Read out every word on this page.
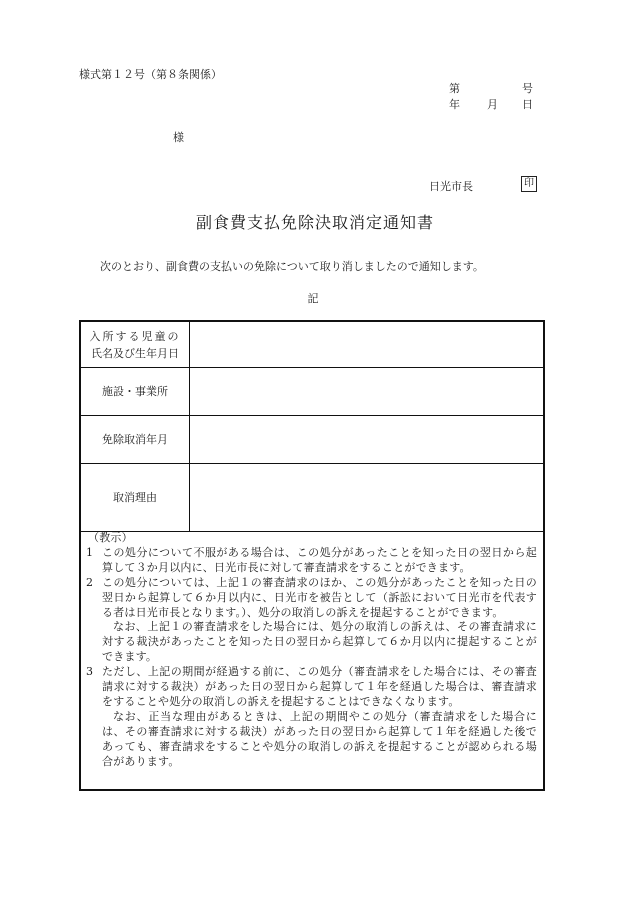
様式第１２号（第８条関係）
第	号
年	月	日
様
日光市長	印
副食費支払免除決取消定通知書
次のとおり、副食費の支払いの免除について取り消しましたので通知します。
記
入所する児童の
氏名及び生年月日
施設・事業所
免除取消年月
取消理由
（教示）
1 この処分について不服がある場合は、この処分があったことを知った日の翌日から起算して３か月以内に、日光市長に対して審査請求をすることができます。
2 この処分については、上記１の審査請求のほか、この処分があったことを知った日の翌日から起算して６か月以内に、日光市を被告として（訴訟において日光市を代表する者は日光市長となります。）、処分の取消しの訴えを提起することができます。
なお、上記１の審査請求をした場合には、処分の取消しの訴えは、その審査請求に対する裁決があったことを知った日の翌日から起算して６か月以内に提起することができます。
3 ただし、上記の期間が経過する前に、この処分（審査請求をした場合には、その審査請求に対する裁決）があった日の翌日から起算して１年を経過した場合は、審査請求をすることや処分の取消しの訴えを提起することはできなくなります。
なお、正当な理由があるときは、上記の期間やこの処分（審査請求をした場合には、その審査請求に対する裁決）があった日の翌日から起算して１年を経過した後であっても、審査請求をすることや処分の取消しの訴えを提起することが認められる場合があります。
